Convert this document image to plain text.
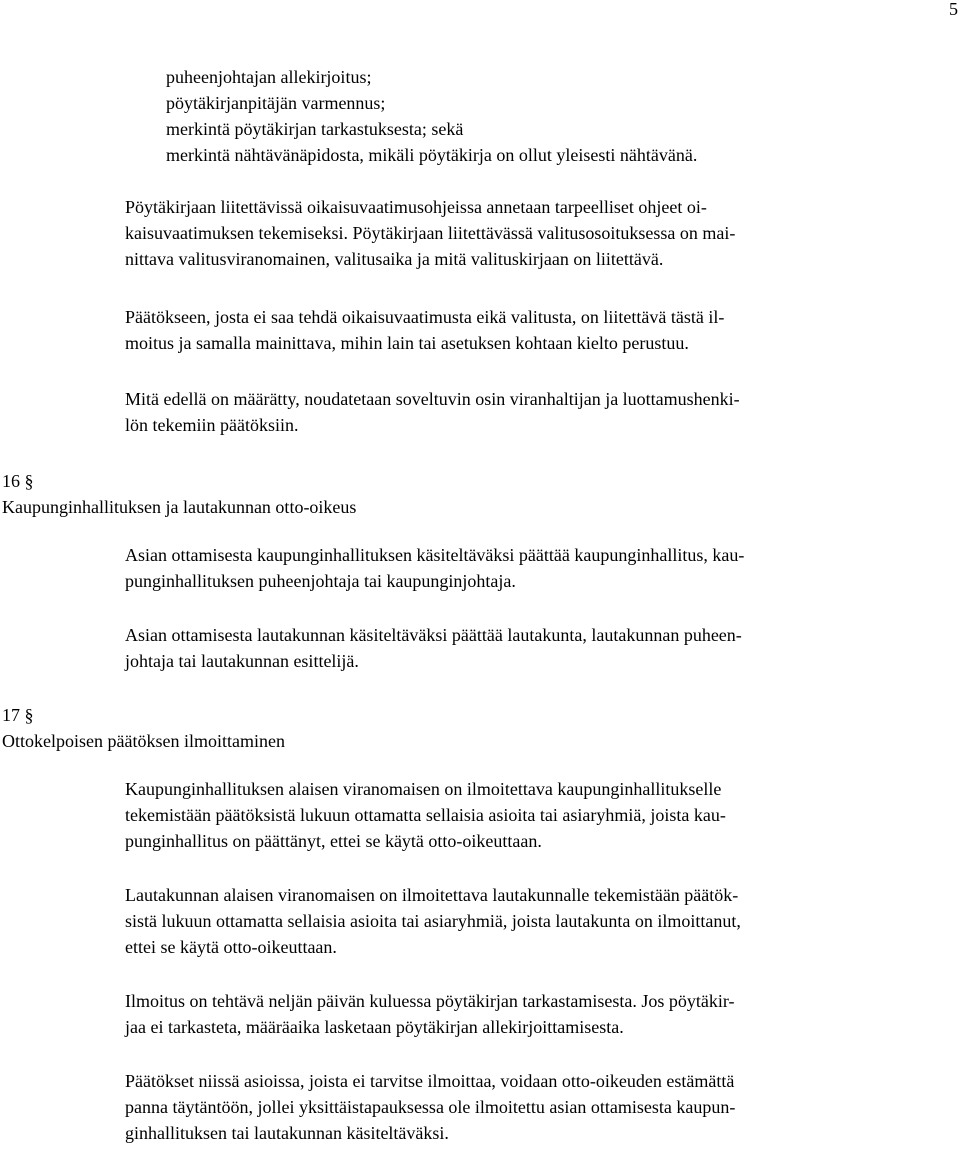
5
puheenjohtajan allekirjoitus;
pöytäkirjanpitäjän varmennus;
merkintä pöytäkirjan tarkastuksesta; sekä
merkintä nähtävänäpidosta, mikäli pöytäkirja on ollut yleisesti nähtävänä.
Pöytäkirjaan liitettävissä oikaisuvaatimusohjeissa annetaan tarpeelliset ohjeet oi-
kaisuvaatimuksen tekemiseksi. Pöytäkirjaan liitettävässä valitusosoituksessa on mai-
nittava valitusviranomainen, valitusaika ja mitä valituskirjaan on liitettävä.
Päätökseen, josta ei saa tehdä oikaisuvaatimusta eikä valitusta, on liitettävä tästä il-
moitus ja samalla mainittava, mihin lain tai asetuksen kohtaan kielto perustuu.
Mitä edellä on määrätty, noudatetaan soveltuvin osin viranhaltijan ja luottamushenki-
lön tekemiin päätöksiin.
16 §
Kaupunginhallituksen ja lautakunnan otto-oikeus
Asian ottamisesta kaupunginhallituksen käsiteltäväksi päättää kaupunginhallitus, kau-
punginhallituksen puheenjohtaja tai kaupunginjohtaja.
Asian ottamisesta lautakunnan käsiteltäväksi päättää lautakunta, lautakunnan puheen-
johtaja tai lautakunnan esittelijä.
17 §
Ottokelpoisen päätöksen ilmoittaminen
Kaupunginhallituksen alaisen viranomaisen on ilmoitettava kaupunginhallitukselle
tekemistään päätöksistä lukuun ottamatta sellaisia asioita tai asiaryhmiä, joista kau-
punginhallitus on päättänyt, ettei se käytä otto-oikeuttaan.
Lautakunnan alaisen viranomaisen on ilmoitettava lautakunnalle tekemistään päätök-
sistä lukuun ottamatta sellaisia asioita tai asiaryhmiä, joista lautakunta on ilmoittanut,
ettei se käytä otto-oikeuttaan.
Ilmoitus on tehtävä neljän päivän kuluessa pöytäkirjan tarkastamisesta. Jos pöytäkir-
jaa ei tarkasteta, määräaika lasketaan pöytäkirjan allekirjoittamisesta.
Päätökset niissä asioissa, joista ei tarvitse ilmoittaa, voidaan otto-oikeuden estämättä
panna täytäntöön, jollei yksittäistapauksessa ole ilmoitettu asian ottamisesta kaupun-
ginhallituksen tai lautakunnan käsiteltäväksi.
